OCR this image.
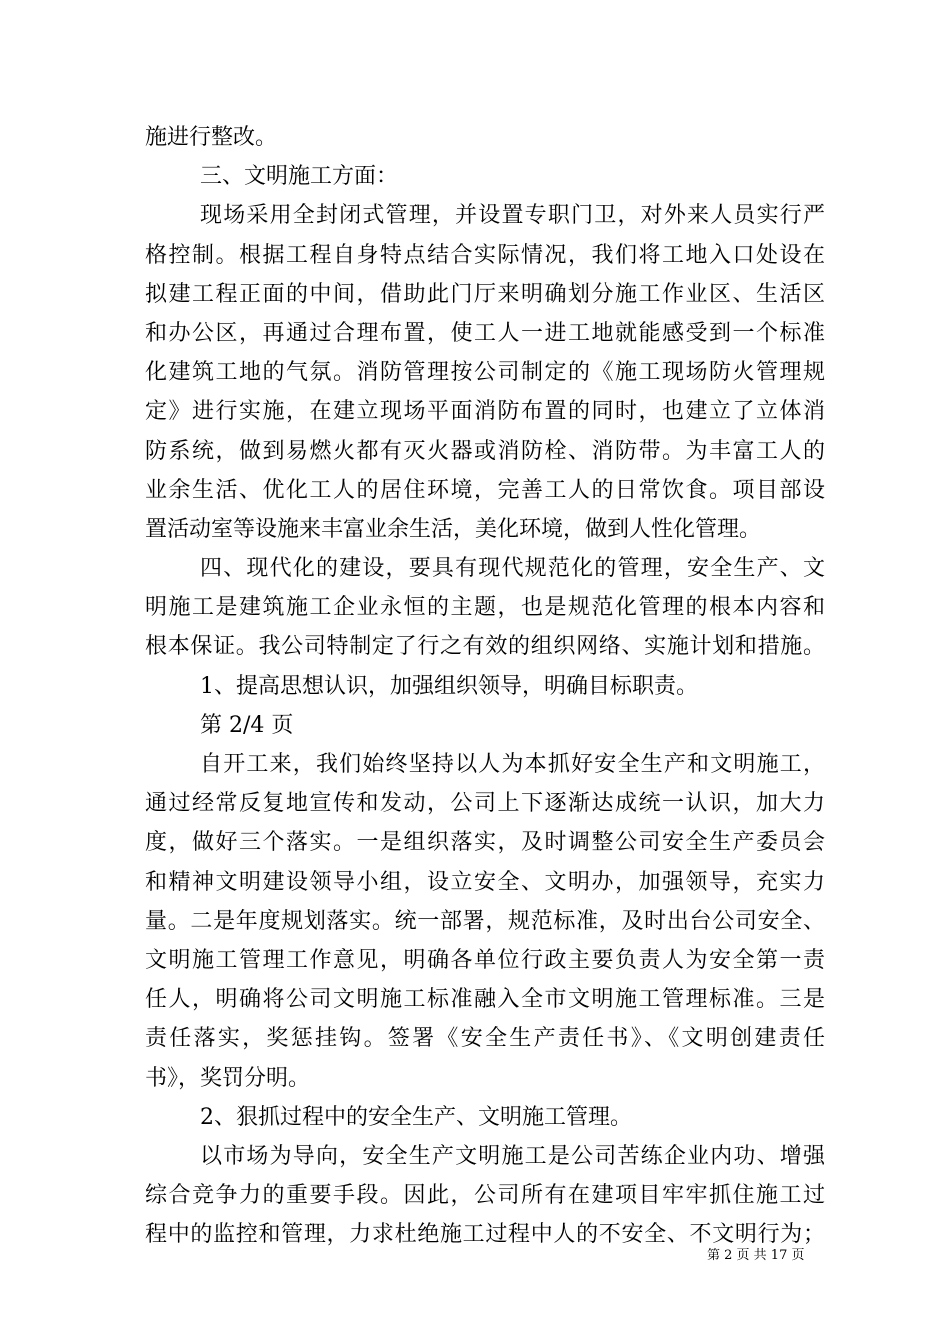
施进行整改。
三、文明施工方面：
现场采用全封闭式管理，并设置专职门卫，对外来人员实行严
格控制。根据工程自身特点结合实际情况，我们将工地入口处设在
拟建工程正面的中间，借助此门厅来明确划分施工作业区、生活区
和办公区，再通过合理布置，使工人一进工地就能感受到一个标准
化建筑工地的气氛。消防管理按公司制定的《施工现场防火管理规
定》进行实施，在建立现场平面消防布置的同时，也建立了立体消
防系统，做到易燃火都有灭火器或消防栓、消防带。为丰富工人的
业余生活、优化工人的居住环境，完善工人的日常饮食。项目部设
置活动室等设施来丰富业余生活，美化环境，做到人性化管理。
四、现代化的建设，要具有现代规范化的管理，安全生产、文
明施工是建筑施工企业永恒的主题，也是规范化管理的根本内容和
根本保证。我公司特制定了行之有效的组织网络、实施计划和措施。
1、提高思想认识，加强组织领导，明确目标职责。
第 2/4 页
自开工来，我们始终坚持以人为本抓好安全生产和文明施工，
通过经常反复地宣传和发动，公司上下逐渐达成统一认识，加大力
度，做好三个落实。一是组织落实，及时调整公司安全生产委员会
和精神文明建设领导小组，设立安全、文明办，加强领导，充实力
量。二是年度规划落实。统一部署，规范标准，及时出台公司安全、
文明施工管理工作意见，明确各单位行政主要负责人为安全第一责
任人，明确将公司文明施工标准融入全市文明施工管理标准。三是
责任落实，奖惩挂钩。签署《安全生产责任书》、《文明创建责任
书》，奖罚分明。
2、狠抓过程中的安全生产、文明施工管理。
以市场为导向，安全生产文明施工是公司苦练企业内功、增强
综合竞争力的重要手段。因此，公司所有在建项目牢牢抓住施工过
程中的监控和管理，力求杜绝施工过程中人的不安全、不文明行为；
第 2 页 共 17 页
